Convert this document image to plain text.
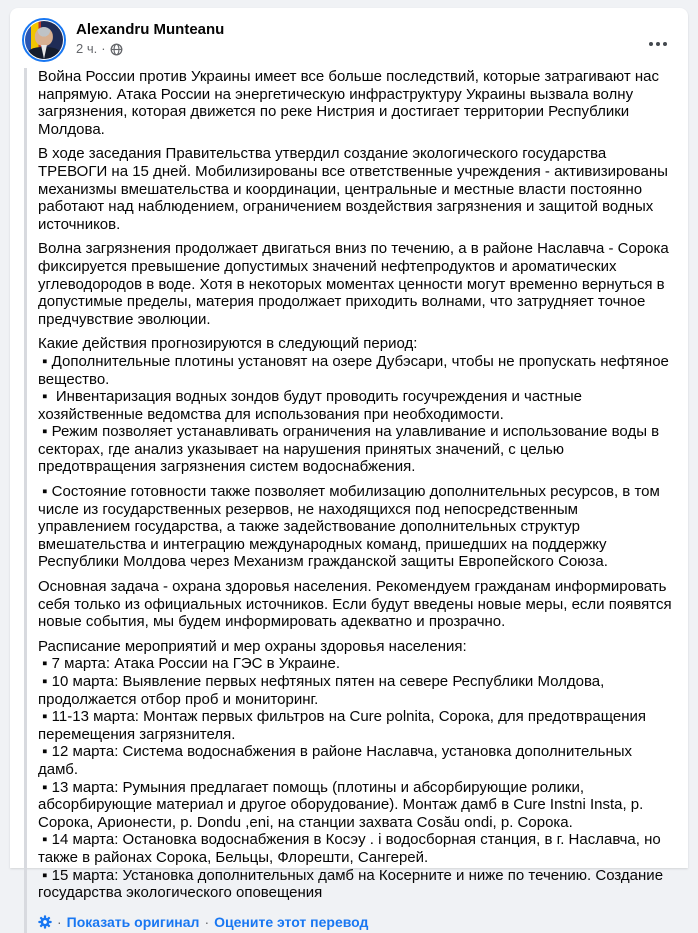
Alexandru Munteanu
2 ч. ·
Война России против Украины имеет все больше последствий, которые затрагивают нас напрямую. Атака России на энергетическую инфраструктуру Украины вызвала волну загрязнения, которая движется по реке Нистрия и достигает территории Республики Молдова.
В ходе заседания Правительства утвердил создание экологического государства ТРЕВОГИ на 15 дней. Мобилизированы все ответственные учреждения - активизированы механизмы вмешательства и координации, центральные и местные власти постоянно работают над наблюдением, ограничением воздействия загрязнения и защитой водных источников.
Волна загрязнения продолжает двигаться вниз по течению, а в районе Наславча - Сорока фиксируется превышение допустимых значений нефтепродуктов и ароматических углеводородов в воде. Хотя в некоторых моментах ценности могут временно вернуться в допустимые пределы, материя продолжает приходить волнами, что затрудняет точное предчувствие эволюции.
Какие действия прогнозируются в следующий период:
▪ Дополнительные плотины установят на озере Дубэсари, чтобы не пропускать нефтяное вещество.
▪  Инвентаризация водных зондов будут проводить госучреждения и частные хозяйственные ведомства для использования при необходимости.
▪ Режим позволяет устанавливать ограничения на улавливание и использование воды в секторах, где анализ указывает на нарушения принятых значений, с целью предотвращения загрязнения систем водоснабжения.
▪ Состояние готовности также позволяет мобилизацию дополнительных ресурсов, в том числе из государственных резервов, не находящихся под непосредственным управлением государства, а также задействование дополнительных структур вмешательства и интеграцию международных команд, пришедших на поддержку Республики Молдова через Механизм гражданской защиты Европейского Союза.
Основная задача - охрана здоровья населения. Рекомендуем гражданам информировать себя только из официальных источников. Если будут введены новые меры, если появятся новые события, мы будем информировать адекватно и прозрачно.
Расписание мероприятий и мер охраны здоровья населения:
▪ 7 марта: Атака России на ГЭС в Украине.
▪ 10 марта: Выявление первых нефтяных пятен на севере Республики Молдова, продолжается отбор проб и мониторинг.
▪ 11-13 марта: Монтаж первых фильтров на Cure polnita, Сорока, для предотвращения перемещения загрязнителя.
▪ 12 марта: Система водоснабжения в районе Наславча, установка дополнительных дамб.
▪ 13 марта: Румыния предлагает помощь (плотины и абсорбирующие ролики, абсорбирующие материал и другое оборудование). Монтаж дамб в Cure Instni Insta, р. Сорока, Арионести, р. Dondu ,eni, на станции захвата Cosău ondi, р. Сорока.
▪ 14 марта: Остановка водоснабжения в Косэу . i водосборная станция, в г. Наславча, но также в районах Сорока, Бельцы, Флорешти, Сангерей.
▪ 15 марта: Установка дополнительных дамб на Косерните и ниже по течению. Создание государства экологического оповещения
· Показать оригинал · Оцените этот перевод
